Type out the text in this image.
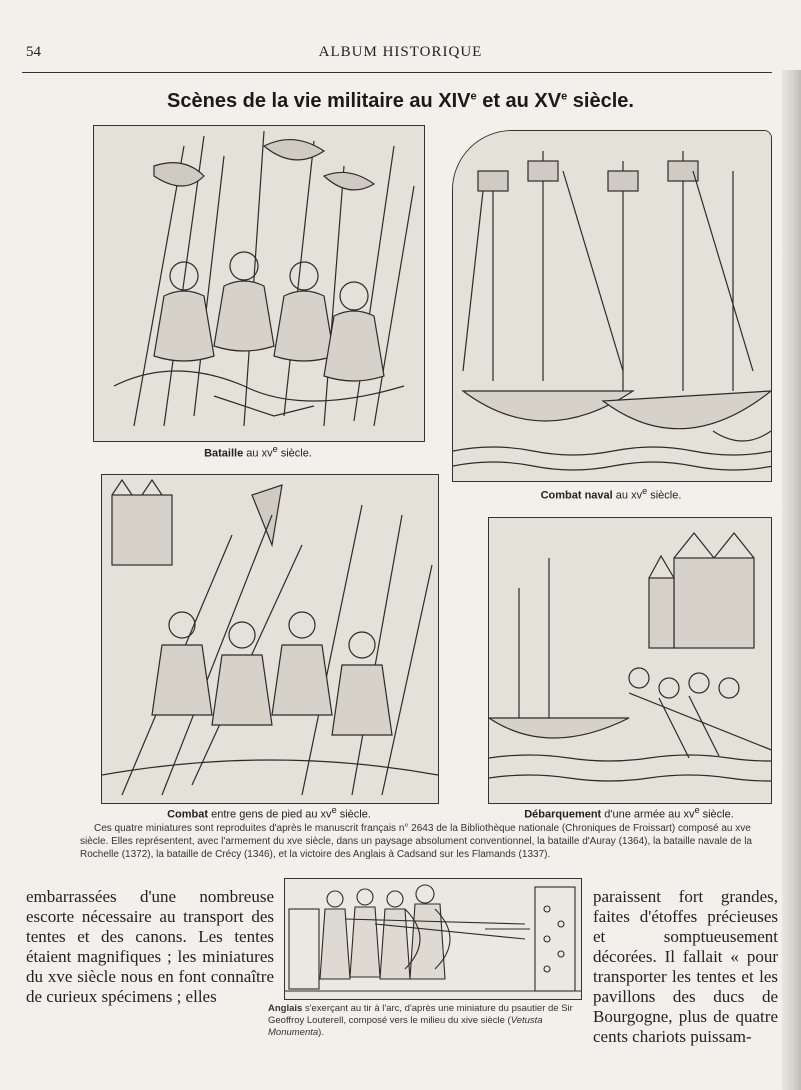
54	ALBUM HISTORIQUE
Scènes de la vie militaire au XIVe et au XVe siècle.
Bataille au $xv^e$ siècle.
Combat naval au $xv^e$ siècle.
Combat entre gens de pied au $xv^e$ siècle.	Débarquement d'une armée au $xv^e$ siècle.
Ces quatre miniatures sont reproduites d'après le manuscrit français n° 2643 de la Bibliothèque nationale (Chroniques de Froissart) composé au xve siècle. Elles représentent, avec l'armement du xve siècle, dans un paysage absolument conventionnel, la bataille d'Auray (1364), la bataille navale de la Rochelle (1372), la bataille de Crécy (1346), et la victoire des Anglais à Cadsand sur les Flamands (1337).
embarrassées d'une nombreuse escorte nécessaire au transport des tentes et des canons. Les tentes étaient magnifiques ; les miniatures du xve siècle nous en font connaître de curieux spécimens ; elles
Anglais s'exerçant au tir à l'arc, d'après une miniature du psautier de Sir Geoffroy Louterell, composé vers le milieu du xive siècle (Vetusta Monumenta).
paraissent fort grandes, faites d'étoffes précieuses et somptueusement décorées. Il fallait « pour transporter les tentes et les pavillons des ducs de Bourgogne, plus de quatre cents chariots puissam-
